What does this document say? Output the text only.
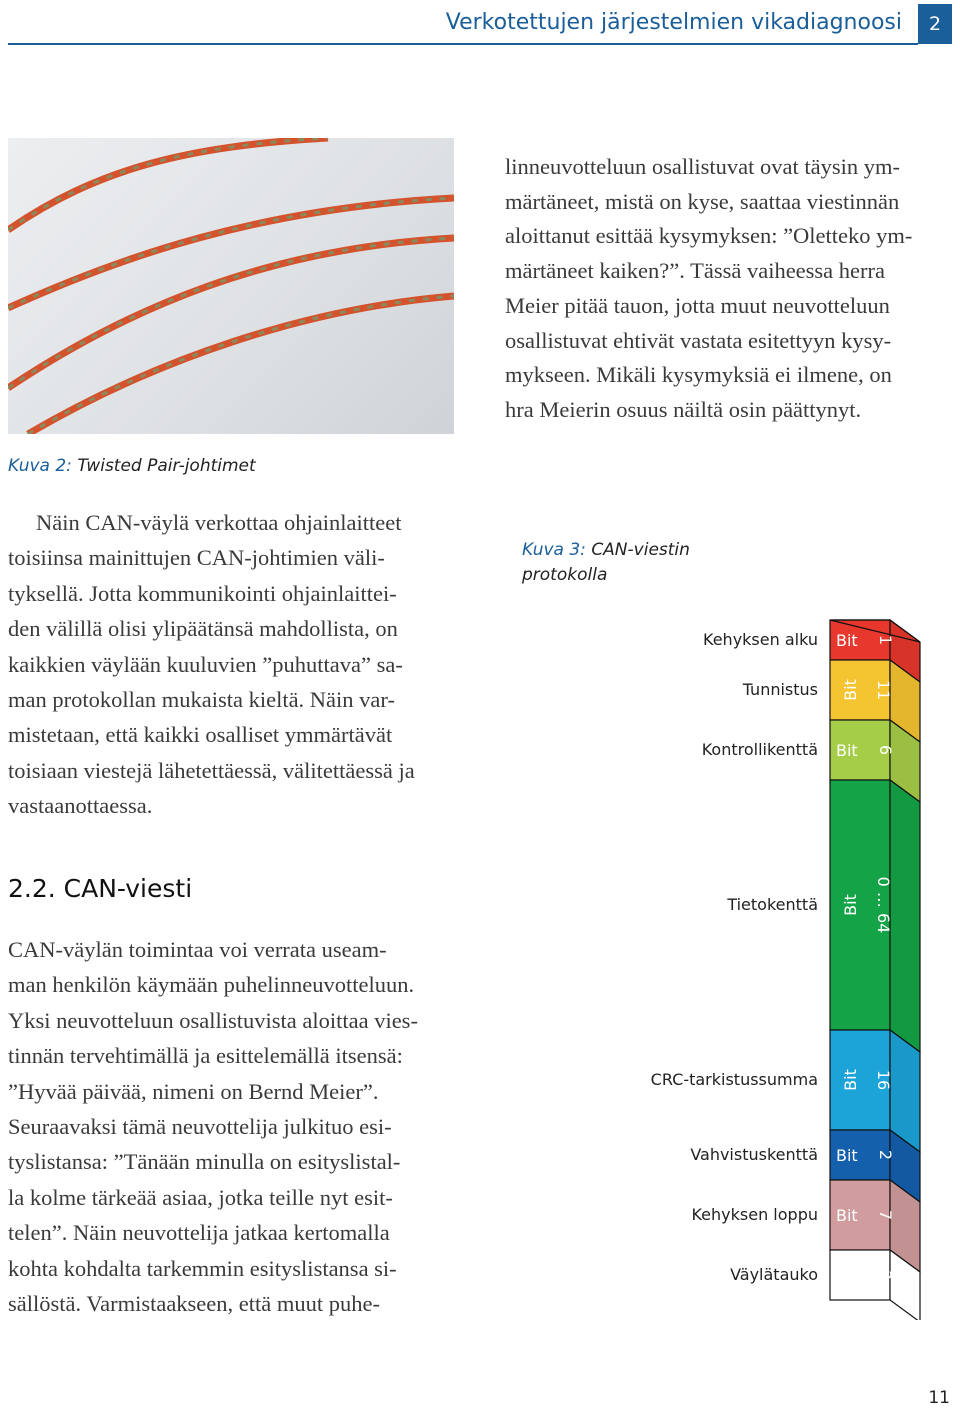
Verkotettujen järjestelmien vikadiagnoosi	2
Kuva 2: Twisted Pair-johtimet
linneuvotteluun osallistuvat ovat täysin ym-
märtäneet, mistä on kyse, saattaa viestinnän
aloittanut esittää kysymyksen: ”Oletteko ym-
märtäneet kaiken?”. Tässä vaiheessa herra
Meier pitää tauon, jotta muut neuvotteluun
osallistuvat ehtivät vastata esitettyyn kysy-
mykseen. Mikäli kysymyksiä ei ilmene, on
hra Meierin osuus näiltä osin päättynyt.
Näin CAN-väylä verkottaa ohjainlaitteet
toisiinsa mainittujen CAN-johtimien väli-
tyksellä. Jotta kommunikointi ohjainlaittei-
den välillä olisi ylipäätänsä mahdollista, on
kaikkien väylään kuuluvien ”puhuttava” sa-
man protokollan mukaista kieltä. Näin var-
mistetaan, että kaikki osalliset ymmärtävät
toisiaan viestejä lähetettäessä, välitettäessä ja
vastaanottaessa.
2.2. CAN-viesti
CAN-väylän toimintaa voi verrata useam-
man henkilön käymään puhelinneuvotteluun.
Yksi neuvotteluun osallistuvista aloittaa vies-
tinnän tervehtimällä ja esittelemällä itsensä:
”Hyvää päivää, nimeni on Bernd Meier”.
Seuraavaksi tämä neuvottelija julkituo esi-
tyslistansa: ”Tänään minulla on esityslistal-
la kolme tärkeää asiaa, jotka teille nyt esit-
telen”. Näin neuvottelija jatkaa kertomalla
kohta kohdalta tarkemmin esityslistansa si-
sällöstä. Varmistaakseen, että muut puhe-
Kuva 3: CAN-viestin
protokolla
Kehyksen alku Bit 1
Tunnistus Bit 11
Kontrollikenttä Bit 6
Tietokenttä Bit 0 … 64
CRC-tarkistussumma Bit 16
Vahvistuskenttä Bit 2
Kehyksen loppu Bit 7
Väylätauko Bit 3
11
